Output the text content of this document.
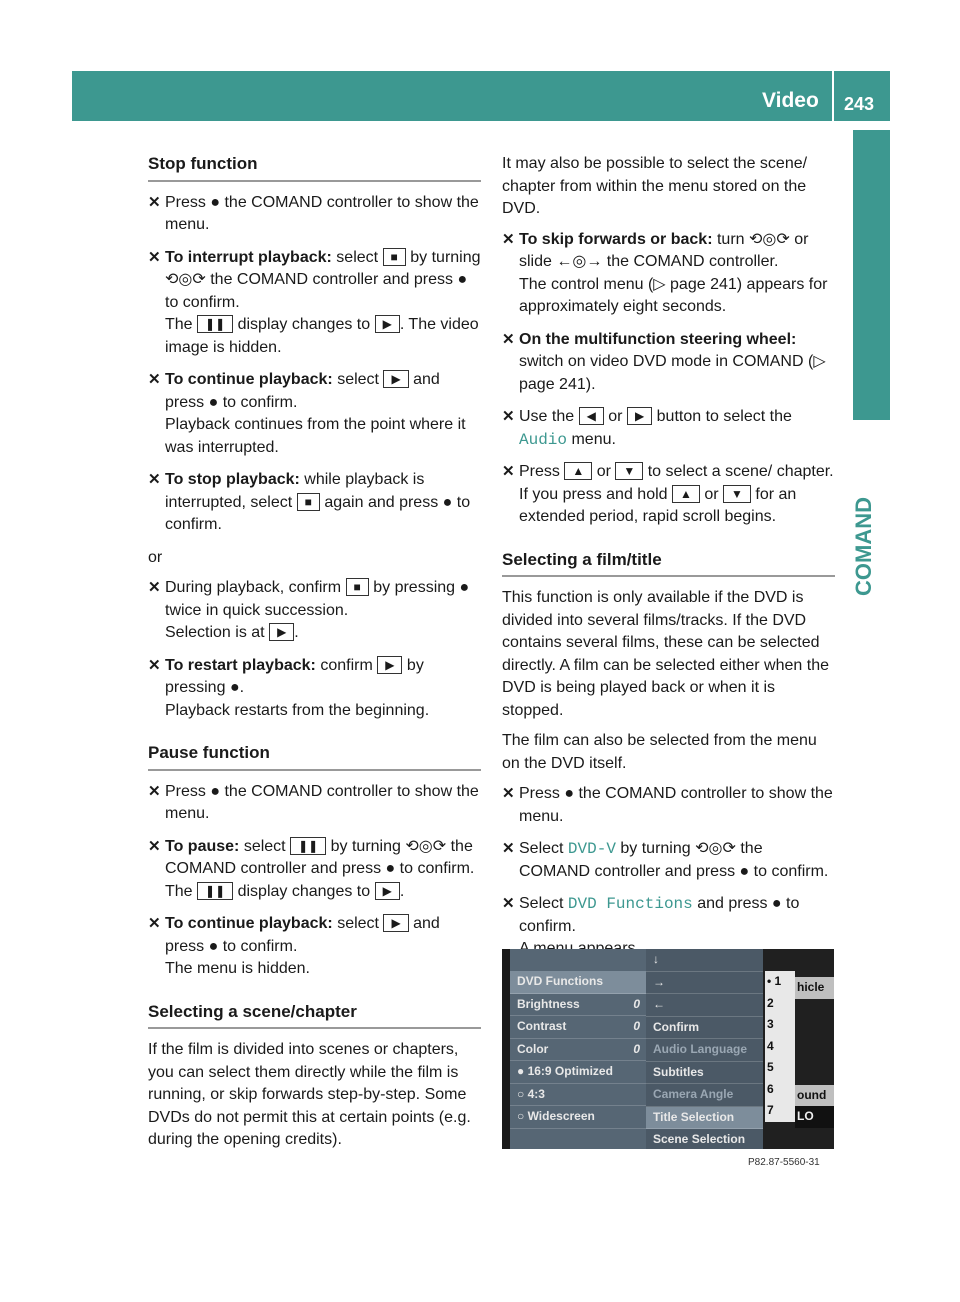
Video 243
COMAND
Stop function
✕ Press ● the COMAND controller to show the menu.

✕ To interrupt playback: select ■ by turning ⟲◎⟳ the COMAND controller and press ● to confirm.

The ❚❚ display changes to ▶ . The video image is hidden.

✕ To continue playback: select ▶ and press ● to confirm.

Playback continues from the point where it was interrupted.

✕ To stop playback: while playback is interrupted, select ■ again and press ● to confirm.

or

✕ During playback, confirm ■ by pressing ● twice in quick succession.

Selection is at ▶ .

✕ To restart playback: confirm ▶ by pressing ●.

Playback restarts from the beginning.

Pause function
✕ Press ● the COMAND controller to show the menu.

✕ To pause: select ❚❚ by turning ⟲◎⟳ the COMAND controller and press ● to confirm.

The ❚❚ display changes to ▶ .

✕ To continue playback: select ▶ and press ● to confirm.

The menu is hidden.

Selecting a scene/chapter

If the film is divided into scenes or chapters, you can select them directly while the film is running, or skip forwards step-by-step. Some DVDs do not permit this at certain points (e.g. during the opening credits).

It may also be possible to select the scene/ chapter from within the menu stored on the DVD.

✕ To skip forwards or back: turn ⟲◎⟳ or slide ←◎→ the COMAND controller.

The control menu (▷ page 241) appears for approximately eight seconds.

✕ On the multifunction steering wheel: switch on video DVD mode in COMAND (▷ page 241).

✕ Use the ◀ or ▶ button to select the Audio menu.

✕ Press ▲ or ▼ to select a scene/ chapter.

If you press and hold ▲ or ▼ for an extended period, rapid scroll begins.

Selecting a film/title

This function is only available if the DVD is divided into several films/tracks. If the DVD contains several films, these can be selected directly. A film can be selected either when the DVD is being played back or when it is stopped.

The film can also be selected from the menu on the DVD itself.

✕ Press ● the COMAND controller to show the menu.

✕ Select DVD-V by turning ⟲◎⟳ the COMAND controller and press ● to confirm.

✕ Select DVD Functions and press ● to confirm.

DVD Functions
Brightness	0
Contrast	0
Color	0
● 16:9 Optimized
○ 4:3
○ Widescreen
↓
→
←
Confirm
Audio Language
Subtitles
Camera Angle
Title Selection
Scene Selection
• 1
2
3
4
5
6
7
hicle
ound
LO
P82.87-5560-31
